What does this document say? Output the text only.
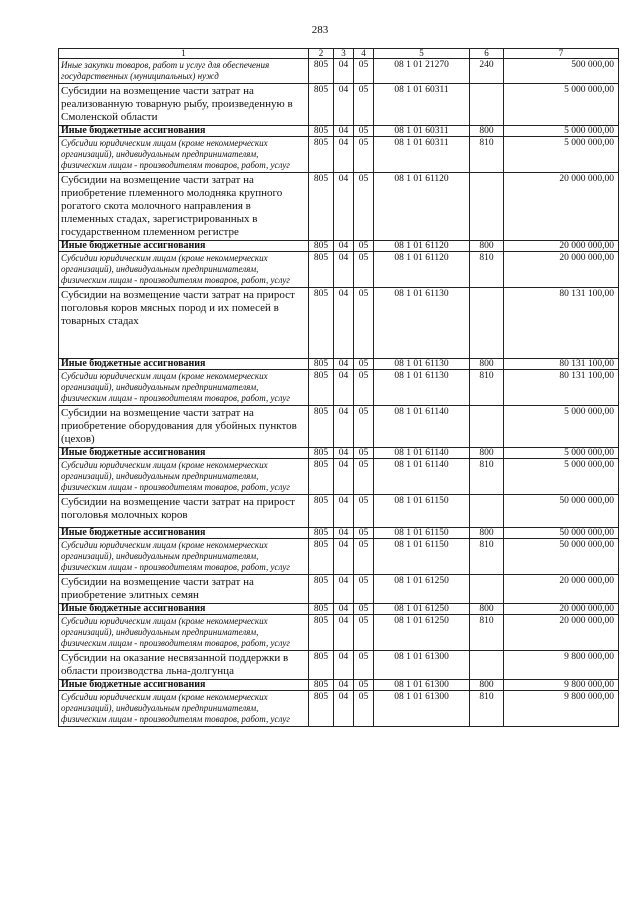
283
1	2	3	4	5	6	7
Иные закупки товаров, работ и услуг для обеспечения государственных (муниципальных) нужд	805	04	05	08 1 01 21270	240	500 000,00
Субсидии на возмещение части затрат на реализованную товарную рыбу, произведенную в Смоленской области	805	04	05	08 1 01 60311		5 000 000,00
Иные бюджетные ассигнования	805	04	05	08 1 01 60311	800	5 000 000,00
Субсидии юридическим лицам (кроме некоммерческих организаций), индивидуальным предпринимателям, физическим лицам - производителям товаров, работ, услуг	805	04	05	08 1 01 60311	810	5 000 000,00
Субсидии на возмещение части затрат на приобретение племенного молодняка крупного рогатого скота молочного направления в племенных стадах, зарегистрированных в государственном племенном регистре	805	04	05	08 1 01 61120		20 000 000,00
Иные бюджетные ассигнования	805	04	05	08 1 01 61120	800	20 000 000,00
Субсидии юридическим лицам (кроме некоммерческих организаций), индивидуальным предпринимателям, физическим лицам - производителям товаров, работ, услуг	805	04	05	08 1 01 61120	810	20 000 000,00
Субсидии на возмещение части затрат на прирост поголовья коров мясных пород и их помесей в товарных стадах	805	04	05	08 1 01 61130		80 131 100,00
Иные бюджетные ассигнования	805	04	05	08 1 01 61130	800	80 131 100,00
Субсидии юридическим лицам (кроме некоммерческих организаций), индивидуальным предпринимателям, физическим лицам - производителям товаров, работ, услуг	805	04	05	08 1 01 61130	810	80 131 100,00
Субсидии на возмещение части затрат на приобретение оборудования для убойных пунктов (цехов)	805	04	05	08 1 01 61140		5 000 000,00
Иные бюджетные ассигнования	805	04	05	08 1 01 61140	800	5 000 000,00
Субсидии юридическим лицам (кроме некоммерческих организаций), индивидуальным предпринимателям, физическим лицам - производителям товаров, работ, услуг	805	04	05	08 1 01 61140	810	5 000 000,00
Субсидии на возмещение части затрат на прирост поголовья молочных коров	805	04	05	08 1 01 61150		50 000 000,00
Иные бюджетные ассигнования	805	04	05	08 1 01 61150	800	50 000 000,00
Субсидии юридическим лицам (кроме некоммерческих организаций), индивидуальным предпринимателям, физическим лицам - производителям товаров, работ, услуг	805	04	05	08 1 01 61150	810	50 000 000,00
Субсидии на возмещение части затрат на приобретение элитных семян	805	04	05	08 1 01 61250		20 000 000,00
Иные бюджетные ассигнования	805	04	05	08 1 01 61250	800	20 000 000,00
Субсидии юридическим лицам (кроме некоммерческих организаций), индивидуальным предпринимателям, физическим лицам - производителям товаров, работ, услуг	805	04	05	08 1 01 61250	810	20 000 000,00
Субсидии на оказание несвязанной поддержки в области производства льна-долгунца	805	04	05	08 1 01 61300		9 800 000,00
Иные бюджетные ассигнования	805	04	05	08 1 01 61300	800	9 800 000,00
Субсидии юридическим лицам (кроме некоммерческих организаций), индивидуальным предпринимателям, физическим лицам - производителям товаров, работ, услуг	805	04	05	08 1 01 61300	810	9 800 000,00
